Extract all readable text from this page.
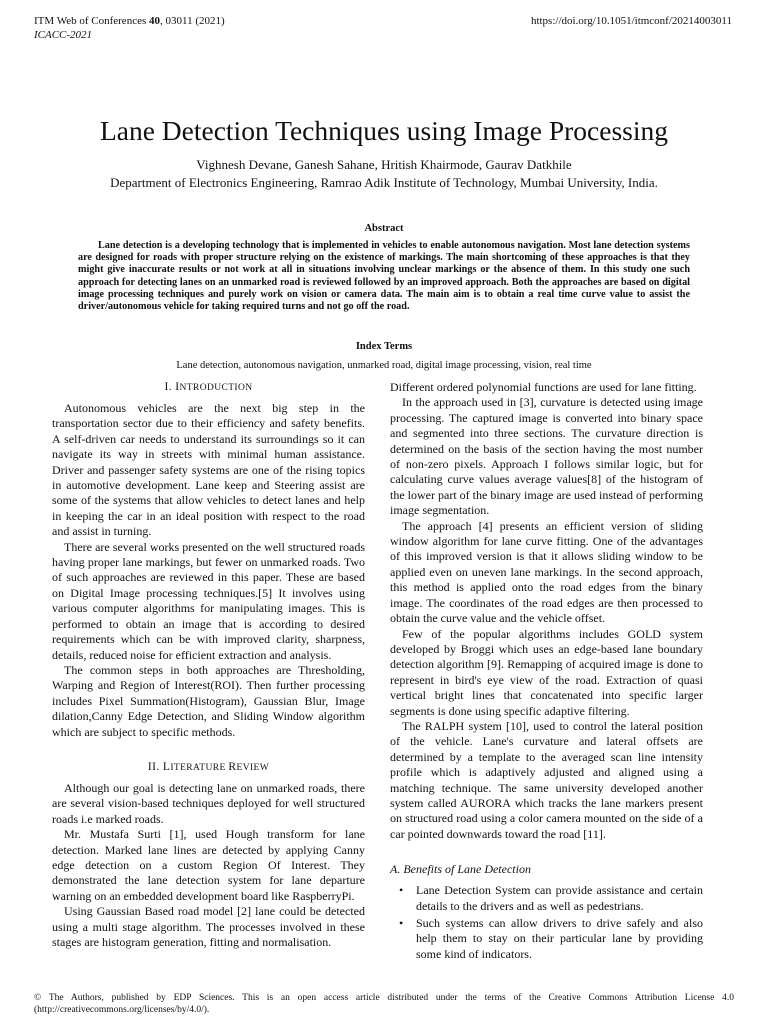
ITM Web of Conferences 40, 03011 (2021)
ICACC-2021
https://doi.org/10.1051/itmconf/20214003011
Lane Detection Techniques using Image Processing
Vighnesh Devane, Ganesh Sahane, Hritish Khairmode, Gaurav Datkhile
Department of Electronics Engineering, Ramrao Adik Institute of Technology, Mumbai University, India.
Abstract

Lane detection is a developing technology that is implemented in vehicles to enable autonomous navigation. Most lane detection systems are designed for roads with proper structure relying on the existence of markings. The main shortcoming of these approaches is that they might give inaccurate results or not work at all in situations involving unclear markings or the absence of them. In this study one such approach for detecting lanes on an unmarked road is reviewed followed by an improved approach. Both the approaches are based on digital image processing techniques and purely work on vision or camera data. The main aim is to obtain a real time curve value to assist the driver/autonomous vehicle for taking required turns and not go off the road.

Index Terms
Lane detection, autonomous navigation, unmarked road, digital image processing, vision, real time
I. INTRODUCTION

Autonomous vehicles are the next big step in the transportation sector due to their efficiency and safety benefits. A self-driven car needs to understand its surroundings so it can navigate its way in streets with minimal human assistance. Driver and passenger safety systems are one of the rising topics in automotive development. Lane keep and Steering assist are some of the systems that allow vehicles to detect lanes and help in keeping the car in an ideal position with respect to the road and assist in turning.

There are several works presented on the well structured roads having proper lane markings, but fewer on unmarked roads. Two of such approaches are reviewed in this paper. These are based on Digital Image processing techniques.[5] It involves using various computer algorithms for manipulating images. This is performed to obtain an image that is according to desired requirements which can be with improved clarity, sharpness, details, reduced noise for efficient extraction and analysis.

The common steps in both approaches are Thresholding, Warping and Region of Interest(ROI). Then further processing includes Pixel Summation(Histogram), Gaussian Blur, Image dilation,Canny Edge Detection, and Sliding Window algorithm which are subject to specific methods.

II. LITERATURE REVIEW

Although our goal is detecting lane on unmarked roads, there are several vision-based techniques deployed for well structured roads i.e marked roads.

Mr. Mustafa Surti [1], used Hough transform for lane detection. Marked lane lines are detected by applying Canny edge detection on a custom Region Of Interest. They demonstrated the lane detection system for lane departure warning on an embedded development board like RaspberryPi.

Using Gaussian Based road model [2] lane could be detected using a multi stage algorithm. The processes involved in these stages are histogram generation, fitting and normalisation.

Different ordered polynomial functions are used for lane fitting.

In the approach used in [3], curvature is detected using image processing. The captured image is converted into binary space and segmented into three sections. The curvature direction is determined on the basis of the section having the most number of non-zero pixels. Approach I follows similar logic, but for calculating curve values average values[8] of the histogram of the lower part of the binary image are used instead of performing image segmentation.

The approach [4] presents an efficient version of sliding window algorithm for lane curve fitting. One of the advantages of this improved version is that it allows sliding window to be applied even on uneven lane markings. In the second approach, this method is applied onto the road edges from the binary image. The coordinates of the road edges are then processed to obtain the curve value and the vehicle offset.

Few of the popular algorithms includes GOLD system developed by Broggi which uses an edge-based lane boundary detection algorithm [9]. Remapping of acquired image is done to represent in bird's eye view of the road. Extraction of quasi vertical bright lines that concatenated into specific larger segments is done using specific adaptive filtering.

The RALPH system [10], used to control the lateral position of the vehicle. Lane's curvature and lateral offsets are determined by a template to the averaged scan line intensity profile which is adaptively adjusted and aligned using a matching technique. The same university developed another system called AURORA which tracks the lane markers present on structured road using a color camera mounted on the side of a car pointed downwards toward the road [11].

A. Benefits of Lane Detection
• Lane Detection System can provide assistance and certain details to the drivers and as well as pedestrians.
• Such systems can allow drivers to drive safely and also help them to stay on their particular lane by providing some kind of indicators.
© The Authors, published by EDP Sciences. This is an open access article distributed under the terms of the Creative Commons Attribution License 4.0 (http://creativecommons.org/licenses/by/4.0/).
